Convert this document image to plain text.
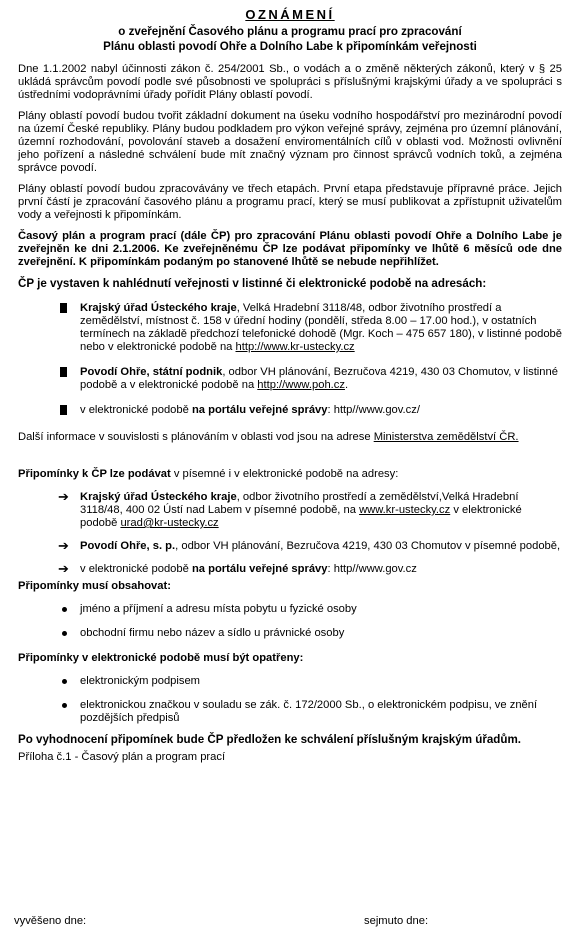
OZNÁMENÍ
o zveřejnění Časového plánu a programu prací pro zpracování
Plánu oblasti povodí Ohře a Dolního Labe k připomínkám veřejnosti

Dne 1.1.2002 nabyl účinnosti zákon č. 254/2001 Sb., o vodách a o změně některých zákonů, který v § 25 ukládá správcům povodí podle své působnosti ve spolupráci s příslušnými krajskými úřady a ve spolupráci s ústředními vodoprávními úřady pořídit Plány oblastí povodí.

Plány oblastí povodí budou tvořit základní dokument na úseku vodního hospodářství pro mezinárodní povodí na území České republiky. Plány budou podkladem pro výkon veřejné správy, zejména pro územní plánování, územní rozhodování, povolování staveb a dosažení enviromentálních cílů v oblasti vod. Možnosti ovlivnění jeho pořízení a následné schválení bude mít značný význam pro činnost správců vodních toků, a zejména správce povodí.

Plány oblastí povodí budou zpracovávány ve třech etapách. První etapa představuje přípravné práce. Jejich první částí je zpracování časového plánu a programu prací, který se musí publikovat a zpřístupnit uživatelům vody a veřejnosti k připomínkám.

Časový plán a program prací (dále ČP) pro zpracování Plánu oblasti povodí Ohře a Dolního Labe je zveřejněn ke dni 2.1.2006. Ke zveřejněnému ČP lze podávat připomínky ve lhůtě 6 měsíců ode dne zveřejnění. K připomínkám podaným po stanovené lhůtě se nebude nepřihlížet.

ČP je vystaven k nahlédnutí veřejnosti v listinné či elektronické podobě na adresách:
Krajský úřad Ústeckého kraje, Velká Hradební 3118/48, odbor životního prostředí a zemědělství, místnost č. 158 v úřední hodiny (pondělí, středa 8.00 – 17.00 hod.), v ostatních termínech na základě předchozí telefonické dohodě (Mgr. Koch – 475 657 180), v listinné podobě nebo v elektronické podobě na http://www.kr-ustecky.cz
Povodí Ohře, státní podnik, odbor VH plánování, Bezručova 4219, 430 03 Chomutov, v listinné podobě a v elektronické podobě na http://www.poh.cz.
v elektronické podobě na portálu veřejné správy: http//www.gov.cz/

Další informace v souvislosti s plánováním v oblasti vod jsou na adrese Ministerstva zemědělství ČR.

Připomínky k ČP lze podávat v písemné i v elektronické podobě na adresy:

➔ Krajský úřad Ústeckého kraje, odbor životního prostředí a zemědělství,Velká Hradební 3118/48, 400 02 Ústí nad Labem v písemné podobě, na www.kr-ustecky.cz v elektronické podobě urad@kr-ustecky.cz
➔ Povodí Ohře, s. p., odbor VH plánování, Bezručova 4219, 430 03 Chomutov v písemné podobě,
➔ v elektronické podobě na portálu veřejné správy: http//www.gov.cz
Připomínky musí obsahovat:
jméno a příjmení a adresu místa pobytu u fyzické osoby
obchodní firmu nebo název a sídlo u právnické osoby
Připomínky v elektronické podobě musí být opatřeny:
elektronickým podpisem
elektronickou značkou v souladu se zák. č. 172/2000 Sb., o elektronickém podpisu, ve znění pozdějších předpisů
Po vyhodnocení připomínek bude ČP předložen ke schválení příslušným krajským úřadům.
Příloha č.1 - Časový plán a program prací
vyvěšeno dne:	sejmuto dne:
